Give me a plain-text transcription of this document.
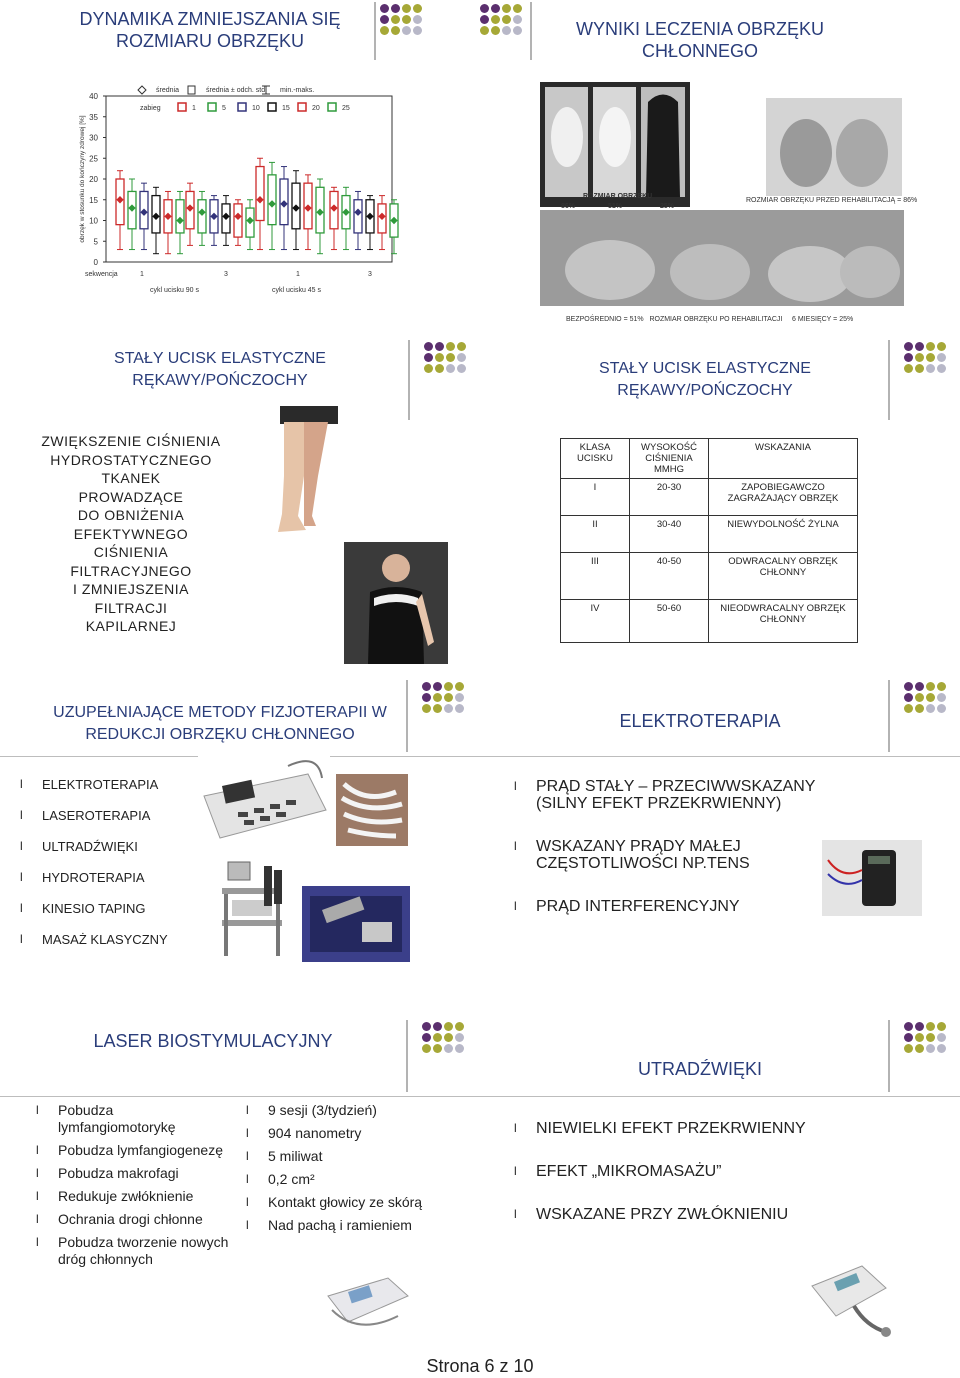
DYNAMIKA ZMNIEJSZANIA SIĘ ROZMIARU OBRZĘKU
40
35
30
25
20
15
10
5
0
obrzęk w stosunku do kończyny zdrowej [%]
średnia	średnia ± odch. std. min.-maks.
zabieg	1	5	10	15	20	25
sekwencja	1	3	1	3
cykl ucisku 90 s	cykl ucisku 45 s
WYNIKI LECZENIA OBRZĘKU CHŁONNEGO
ROZMIAR OBRZĘKU
86%	51%	25%
ROZMIAR OBRZĘKU PRZED REHABILITACJĄ = 86%
BEZPOŚREDNIO = 51%   ROZMIAR OBRZĘKU PO REHABILITACJI     6 MIESIĘCY = 25%
STAŁY UCISK ELASTYCZNE RĘKAWY/POŃCZOCHY
ZWIĘKSZENIE CIŚNIENIA
HYDROSTATYCZNEGO
TKANEK
PROWADZĄCE
DO OBNIŻENIA
EFEKTYWNEGO
CIŚNIENIA
FILTRACYJNEGO
I ZMNIEJSZENIA
FILTRACJI
KAPILARNEJ
STAŁY UCISK ELASTYCZNE RĘKAWY/POŃCZOCHY
KLASA UCISKU	WYSOKOŚĆ CIŚNIENIA MMHG	WSKAZANIA
I	20-30	ZAPOBIEGAWCZO ZAGRAŻAJĄCY OBRZĘK
II	30-40	NIEWYDOLNOŚĆ ŻYLNA
III	40-50	ODWRACALNY OBRZĘK CHŁONNY
IV	50-60	NIEODWRACALNY OBRZĘK CHŁONNY
UZUPEŁNIAJĄCE METODY FIZJOTERAPII W REDUKCJI OBRZĘKU CHŁONNEGO
l ELEKTROTERAPIA
l LASEROTERAPIA
l ULTRADŹWIĘKI
l HYDROTERAPIA
l KINESIO TAPING
l MASAŻ KLASYCZNY
ELEKTROTERAPIA
l PRĄD STAŁY – PRZECIWWSKAZANY (SILNY EFEKT PRZEKRWIENNY)
l WSKAZANY PRĄDY MAŁEJ CZĘSTOTLIWOŚCI NP.TENS
l PRĄD INTERFERENCYJNY
LASER BIOSTYMULACYJNY
l Pobudza lymfangiomotorykę
l Pobudza lymfangiogenezę
l Pobudza makrofagi
l Redukuje zwłóknienie
l Ochrania drogi chłonne
l Pobudza tworzenie nowych dróg chłonnych
l 9 sesji (3/tydzień)
l 904 nanometry
l 5 miliwat
l 0,2 cm²
l Kontakt głowicy ze skórą
l Nad pachą i ramieniem
UTRADŹWIĘKI
l NIEWIELKI EFEKT PRZEKRWIENNY
l EFEKT „MIKROMASAŻU”
l WSKAZANE PRZY ZWŁÓKNIENIU
Strona 6 z 10
